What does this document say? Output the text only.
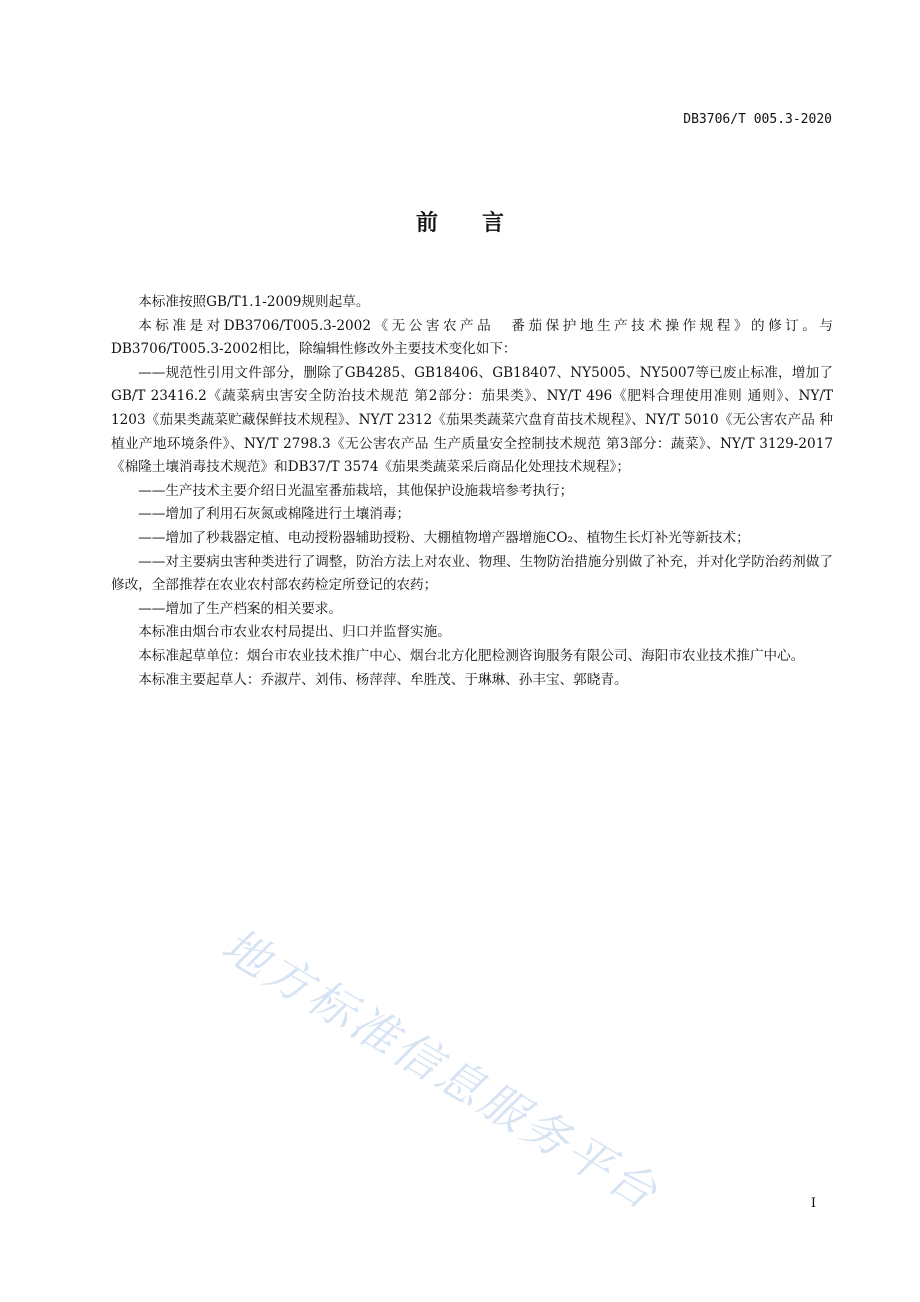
DB3706/T 005.3-2020
前言

本标准按照GB/T1.1-2009规则起草。

本标准是对DB3706/T005.3-2002《无公害农产品　番茄保护地生产技术操作规程》的修订。与DB3706/T005.3-2002相比，除编辑性修改外主要技术变化如下：

——规范性引用文件部分，删除了GB4285、GB18406、GB18407、NY5005、NY5007等已废止标准，增加了GB/T 23416.2《蔬菜病虫害安全防治技术规范 第2部分：茄果类》、NY/T 496《肥料合理使用准则 通则》、NY/T 1203《茄果类蔬菜贮藏保鲜技术规程》、NY/T 2312《茄果类蔬菜穴盘育苗技术规程》、NY/T 5010《无公害农产品 种植业产地环境条件》、NY/T 2798.3《无公害农产品 生产质量安全控制技术规范 第3部分：蔬菜》、NY/T 3129-2017《棉隆土壤消毒技术规范》和DB37/T 3574《茄果类蔬菜采后商品化处理技术规程》；

——生产技术主要介绍日光温室番茄栽培，其他保护设施栽培参考执行；

——增加了利用石灰氮或棉隆进行土壤消毒；

——增加了秒栽器定植、电动授粉器辅助授粉、大棚植物增产器增施CO₂、植物生长灯补光等新技术；

——对主要病虫害种类进行了调整，防治方法上对农业、物理、生物防治措施分别做了补充，并对化学防治药剂做了修改，全部推荐在农业农村部农药检定所登记的农药；

——增加了生产档案的相关要求。

本标准由烟台市农业农村局提出、归口并监督实施。

本标准起草单位：烟台市农业技术推广中心、烟台北方化肥检测咨询服务有限公司、海阳市农业技术推广中心。

本标准主要起草人：乔淑芹、刘伟、杨萍萍、牟胜茂、于琳琳、孙丰宝、郭晓青。

地方标准信息服务平台	I
